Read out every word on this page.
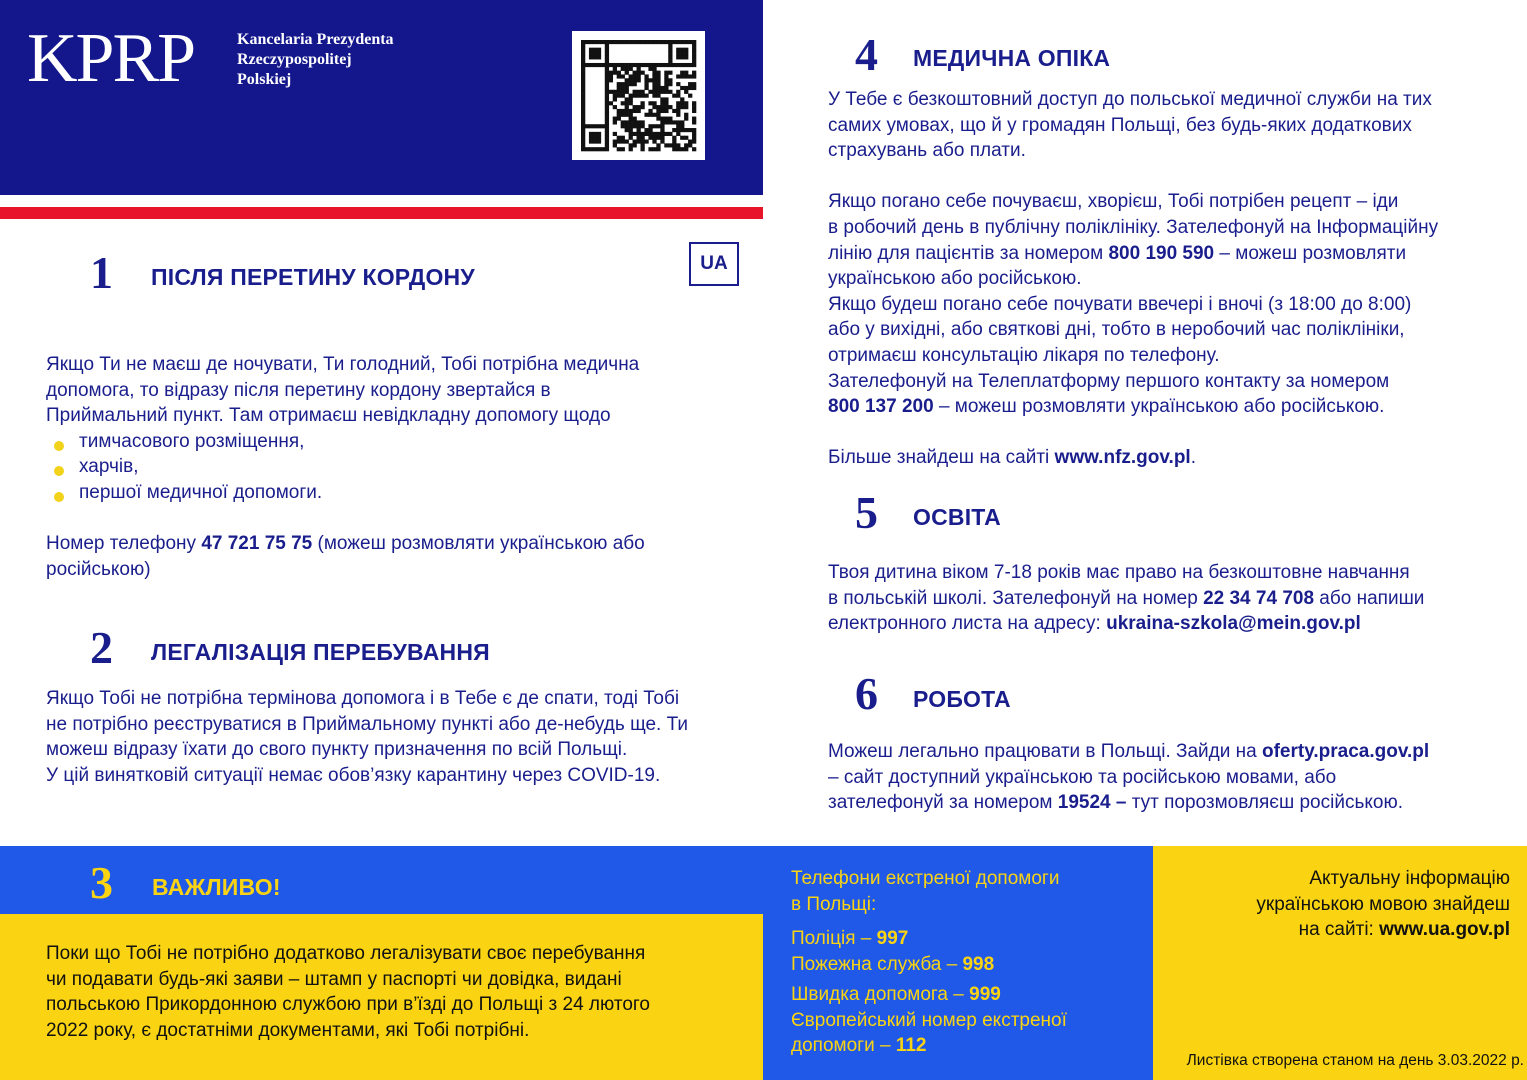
KPRP	Kancelaria Prezydenta
Rzeczypospolitej
Polskiej
UA
1 ПІСЛЯ ПЕРЕТИНУ КОРДОНУ

Якщо Ти не маєш де ночувати, Ти голодний, Тобі потрібна медична

допомога, то відразу після перетину кордону звертайся в

Приймальний пункт. Там отримаєш невідкладну допомогу щодо

тимчасового розміщення,
харчів,
першої медичної допомоги.

Номер телефону 47 721 75 75 (можеш розмовляти українською або

російською)

2 ЛЕГАЛІЗАЦІЯ ПЕРЕБУВАННЯ

Якщо Тобі не потрібна термінова допомога і в Тебе є де спати, тоді Тобі

не потрібно реєструватися в Приймальному пункті або де-небудь ще. Ти

можеш відразу їхати до свого пункту призначення по всій Польщі.

У цій винятковій ситуації немає обов’язку карантину через COVID-19.

3 ВАЖЛИВО!

Поки що Тобі не потрібно додатково легалізувати своє перебування

чи подавати будь-які заяви – штамп у паспорті чи довідка, видані

польською Прикордонною службою при в’їзді до Польщі з 24 лютого

2022 року, є достатніми документами, які Тобі потрібні.

4 МЕДИЧНА ОПІКА

У Тебе є безкоштовний доступ до польської медичної служби на тих

самих умовах, що й у громадян Польщі, без будь-яких додаткових

страхувань або плати.

Якщо погано себе почуваєш, хворієш, Тобі потрібен рецепт – іди

в робочий день в публічну поліклініку. Зателефонуй на Інформаційну

лінію для пацієнтів за номером 800 190 590 – можеш розмовляти

українською або російською.

Якщо будеш погано себе почувати ввечері і вночі (з 18:00 до 8:00)

або у вихідні, або святкові дні, тобто в неробочий час поліклініки,

отримаєш консультацію лікаря по телефону.

Зателефонуй на Телеплатформу першого контакту за номером

800 137 200 – можеш розмовляти українською або російською.

Більше знайдеш на сайті www.nfz.gov.pl.

5 ОСВІТА

Твоя дитина віком 7-18 років має право на безкоштовне навчання

в польській школі. Зателефонуй на номер 22 34 74 708 або напиши

електронного листа на адресу: ukraina-szkola@mein.gov.pl

6 РОБОТА

Можеш легально працювати в Польщі. Зайди на oferty.praca.gov.pl

– сайт доступний українською та російською мовами, або

зателефонуй за номером 19524 – тут порозмовляєш російською.

Телефони екстреної допомоги

в Польщі:

Поліція – 997

Пожежна служба – 998

Швидка допомога – 999

Європейський номер екстреної

допомоги – 112

Актуальну інформацію

українською мовою знайдеш

на сайті: www.ua.gov.pl

Листівка створена станом на день 3.03.2022 р.
